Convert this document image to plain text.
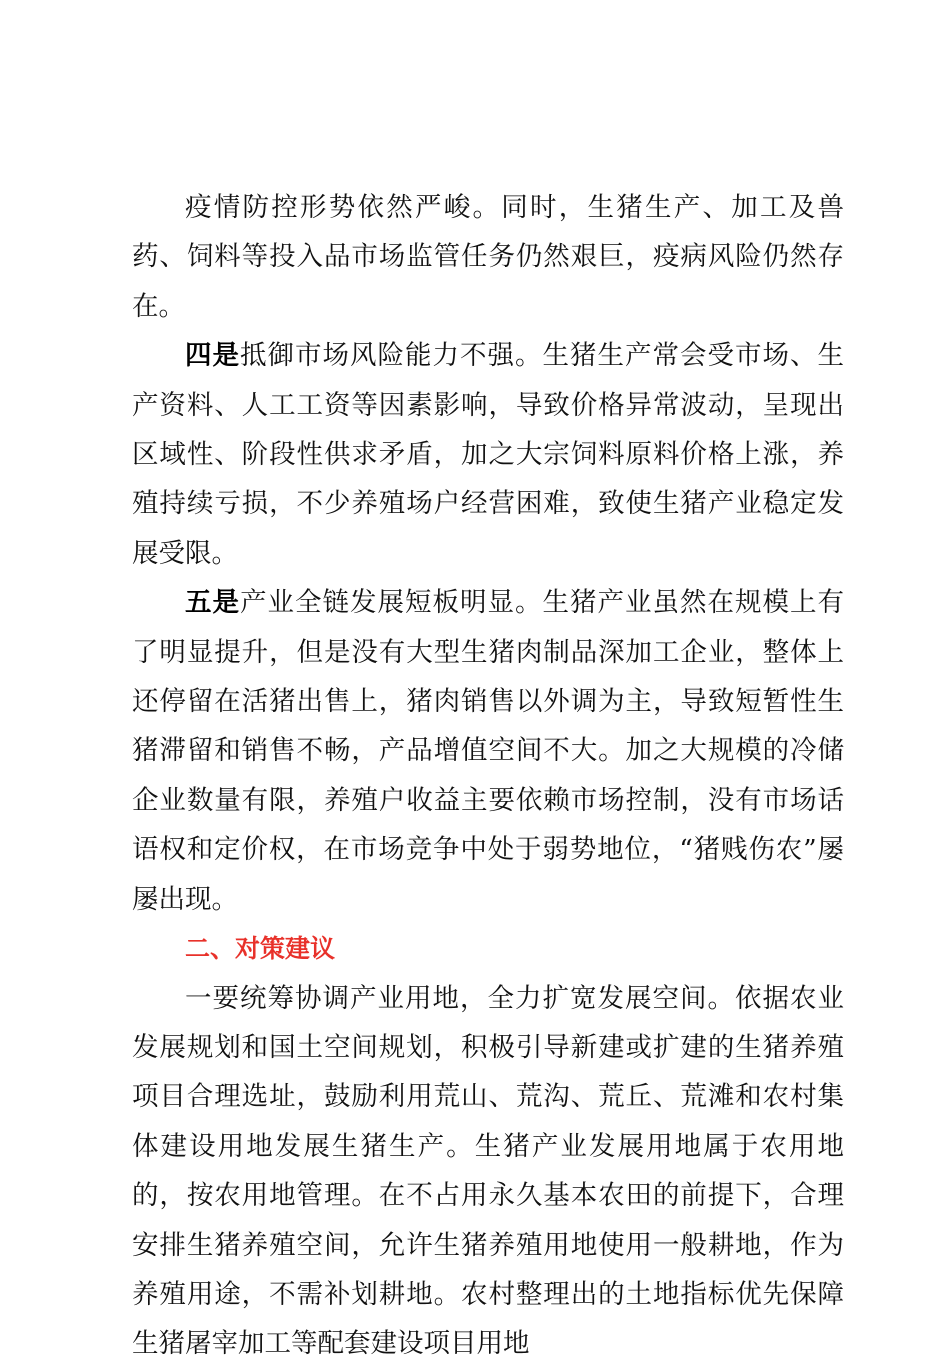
疫情防控形势依然严峻。同时，生猪生产、加工及兽药、饲料等投入品市场监管任务仍然艰巨，疫病风险仍然存在。

四是抵御市场风险能力不强。生猪生产常会受市场、生产资料、人工工资等因素影响，导致价格异常波动，呈现出区域性、阶段性供求矛盾，加之大宗饲料原料价格上涨，养殖持续亏损，不少养殖场户经营困难，致使生猪产业稳定发展受限。

五是产业全链发展短板明显。生猪产业虽然在规模上有了明显提升，但是没有大型生猪肉制品深加工企业，整体上还停留在活猪出售上，猪肉销售以外调为主，导致短暂性生猪滞留和销售不畅，产品增值空间不大。加之大规模的冷储企业数量有限，养殖户收益主要依赖市场控制，没有市场话语权和定价权，在市场竞争中处于弱势地位，“猪贱伤农”屡屡出现。

二、对策建议

一要统筹协调产业用地，全力扩宽发展空间。依据农业发展规划和国土空间规划，积极引导新建或扩建的生猪养殖项目合理选址，鼓励利用荒山、荒沟、荒丘、荒滩和农村集体建设用地发展生猪生产。生猪产业发展用地属于农用地的，按农用地管理。在不占用永久基本农田的前提下，合理安排生猪养殖空间，允许生猪养殖用地使用一般耕地，作为养殖用途，不需补划耕地。农村整理出的土地指标优先保障生猪屠宰加工等配套建设项目用地
